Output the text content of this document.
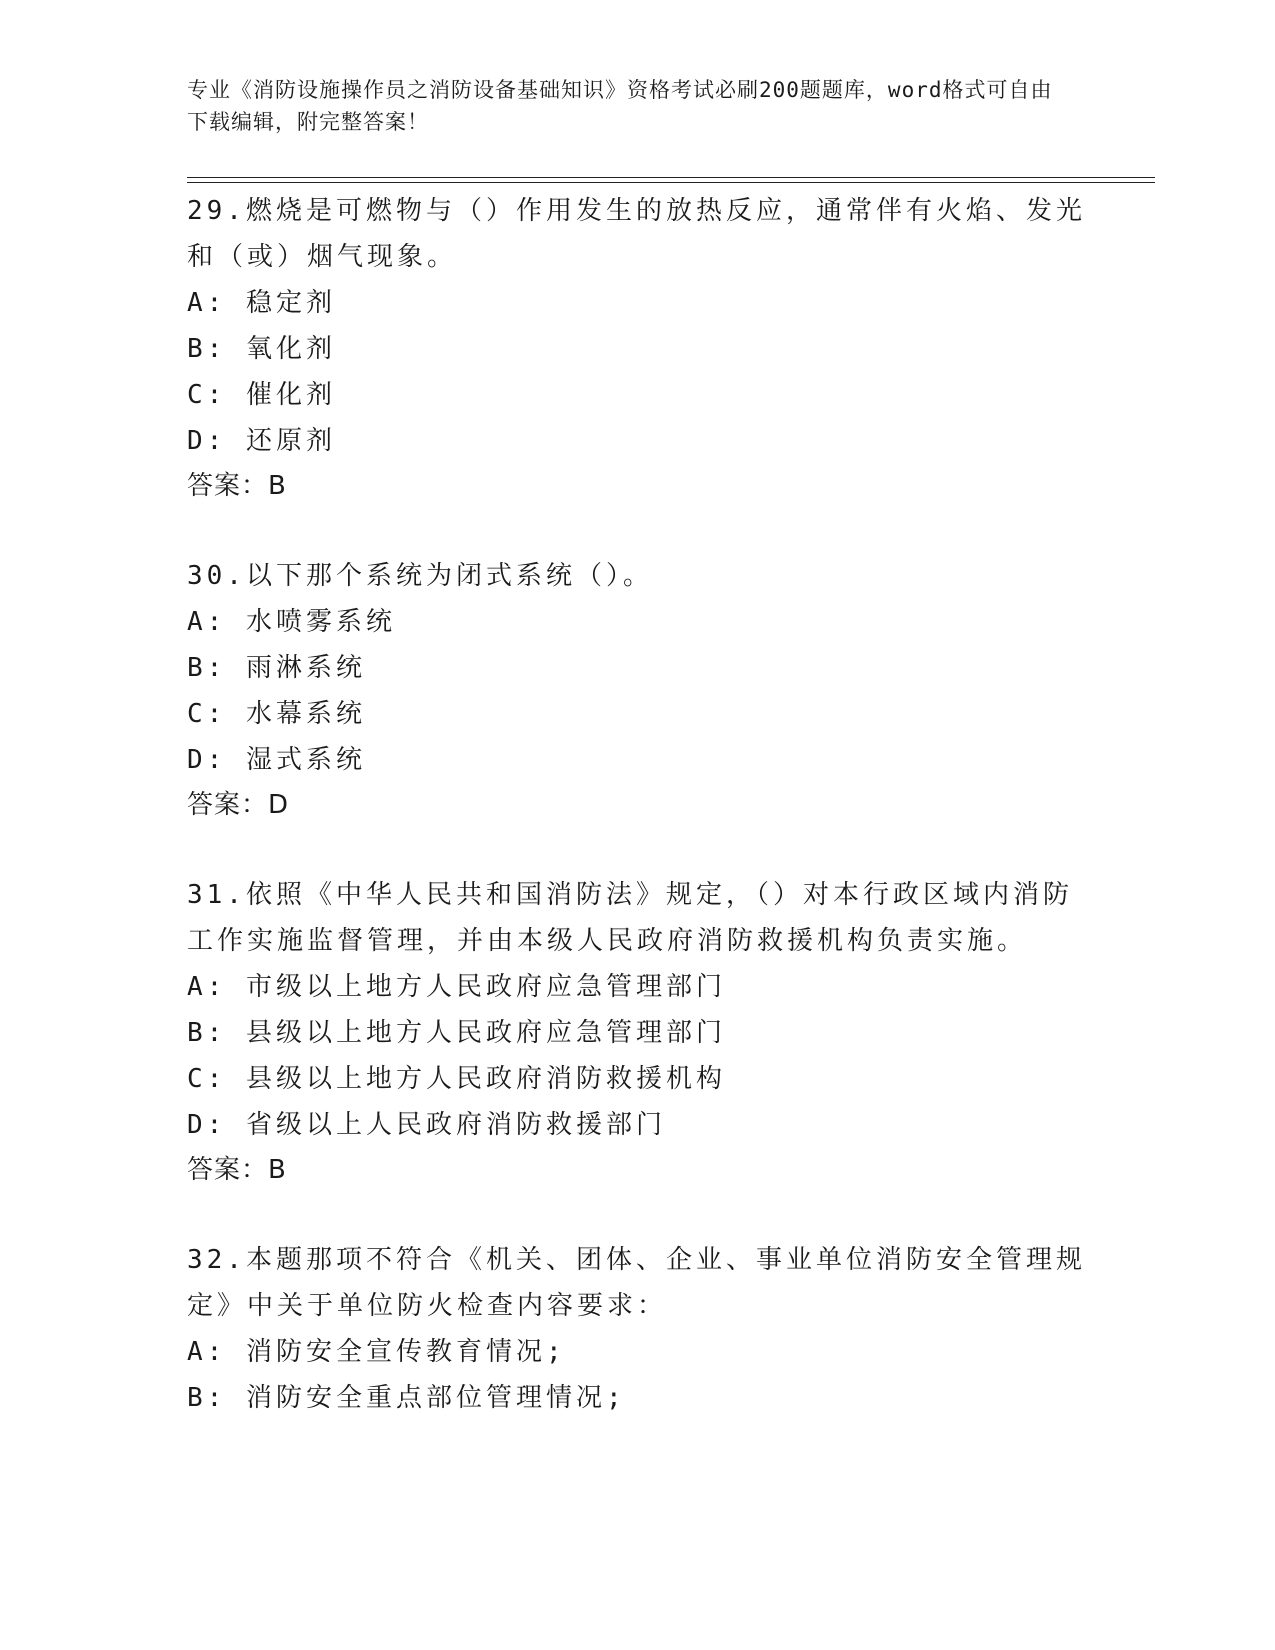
专业《消防设施操作员之消防设备基础知识》资格考试必刷200题题库，word格式可自由下载编辑，附完整答案！

29.燃烧是可燃物与（）作用发生的放热反应，通常伴有火焰、发光和（或）烟气现象。

A: 稳定剂

B: 氧化剂

C: 催化剂

D: 还原剂

答案：B

30.以下那个系统为闭式系统（）。

A: 水喷雾系统

B: 雨淋系统

C: 水幕系统

D: 湿式系统

答案：D

31.依照《中华人民共和国消防法》规定，（）对本行政区域内消防工作实施监督管理，并由本级人民政府消防救援机构负责实施。

A: 市级以上地方人民政府应急管理部门

B: 县级以上地方人民政府应急管理部门

C: 县级以上地方人民政府消防救援机构

D: 省级以上人民政府消防救援部门

答案：B

32.本题那项不符合《机关、团体、企业、事业单位消防安全管理规定》中关于单位防火检查内容要求：

A: 消防安全宣传教育情况;

B: 消防安全重点部位管理情况;
